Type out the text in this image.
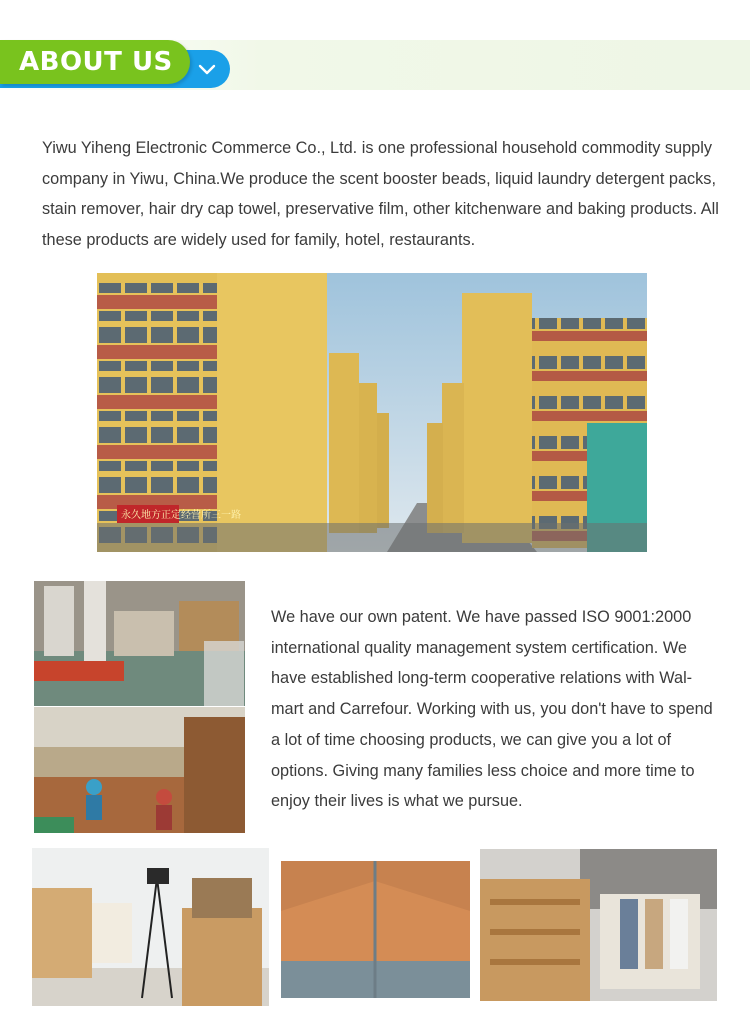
ABOUT US

Yiwu Yiheng Electronic Commerce Co., Ltd. is one professional household commodity supply company in Yiwu, China.We produce the scent booster beads, liquid laundry detergent packs, stain remover, hair dry cap towel, preservative film, other kitchenware and baking products. All these products are widely used for family, hotel, restaurants.

永久地方正定经营所三一路

We have our own patent. We have passed ISO 9001:2000 international quality management system certification. We have established long-term cooperative relations with Wal-mart and Carrefour. Working with us, you don't have to spend a lot of time choosing products, we can give you a lot of options. Giving many families less choice and more time to enjoy their lives is what we pursue.
